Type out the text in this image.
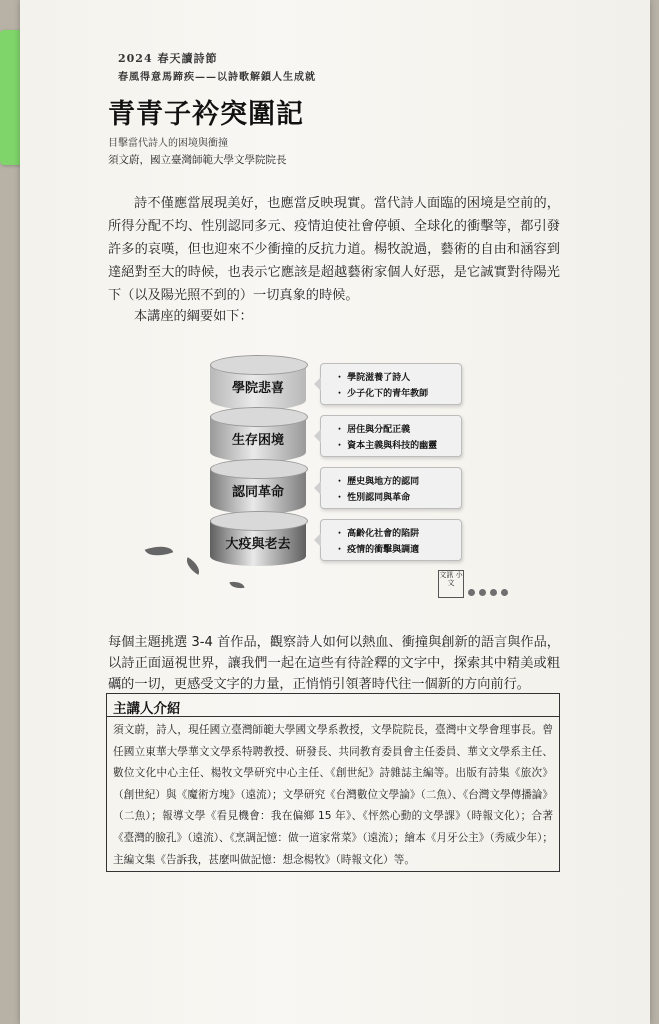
2024 春天讀詩節
春風得意馬蹄疾——以詩歌解鎖人生成就
青青子衿突圍記
目擊當代詩人的困境與衝撞
須文蔚，國立臺灣師範大學文學院院長
詩不僅應當展現美好，也應當反映現實。當代詩人面臨的困境是空前的，所得分配不均、性別認同多元、疫情迫使社會停頓、全球化的衝擊等，都引發許多的哀嘆，但也迎來不少衝撞的反抗力道。楊牧說過，藝術的自由和涵容到達絕對至大的時候，也表示它應該是超越藝術家個人好惡，是它誠實對待陽光下（以及陽光照不到的）一切真象的時候。
本講座的綱要如下：
學院悲喜
・ 學院滋養了詩人
・ 少子化下的青年教師
生存困境
・ 居住與分配正義
・ 資本主義與科技的幽靈
認同革命
・ 歷史與地方的認同
・ 性別認同與革命
大疫與老去
・ 高齡化社會的陷阱
・ 疫情的衝擊與調適
文訊 小文
每個主題挑選 3-4 首作品，觀察詩人如何以熱血、衝撞與創新的語言與作品，以詩正面逼視世界，讓我們一起在這些有待詮釋的文字中，探索其中精美或粗礪的一切，更感受文字的力量，正悄悄引領著時代往一個新的方向前行。
主講人介紹
須文蔚，詩人，現任國立臺灣師範大學國文學系教授，文學院院長，臺灣中文學會理事長。曾任國立東華大學華文文學系特聘教授、研發長、共同教育委員會主任委員、華文文學系主任、數位文化中心主任、楊牧文學研究中心主任、《創世紀》詩雜誌主編等。出版有詩集《旅次》（創世紀）與《魔術方塊》（遠流）；文學研究《台灣數位文學論》（二魚）、《台灣文學傳播論》（二魚）；報導文學《看見機會：我在偏鄉 15 年》、《怦然心動的文學課》（時報文化）；合著《臺灣的臉孔》（遠流）、《烹調記憶：做一道家常菜》（遠流）；繪本《月牙公主》（秀威少年）；主編文集《告訴我，甚麼叫做記憶：想念楊牧》（時報文化）等。
